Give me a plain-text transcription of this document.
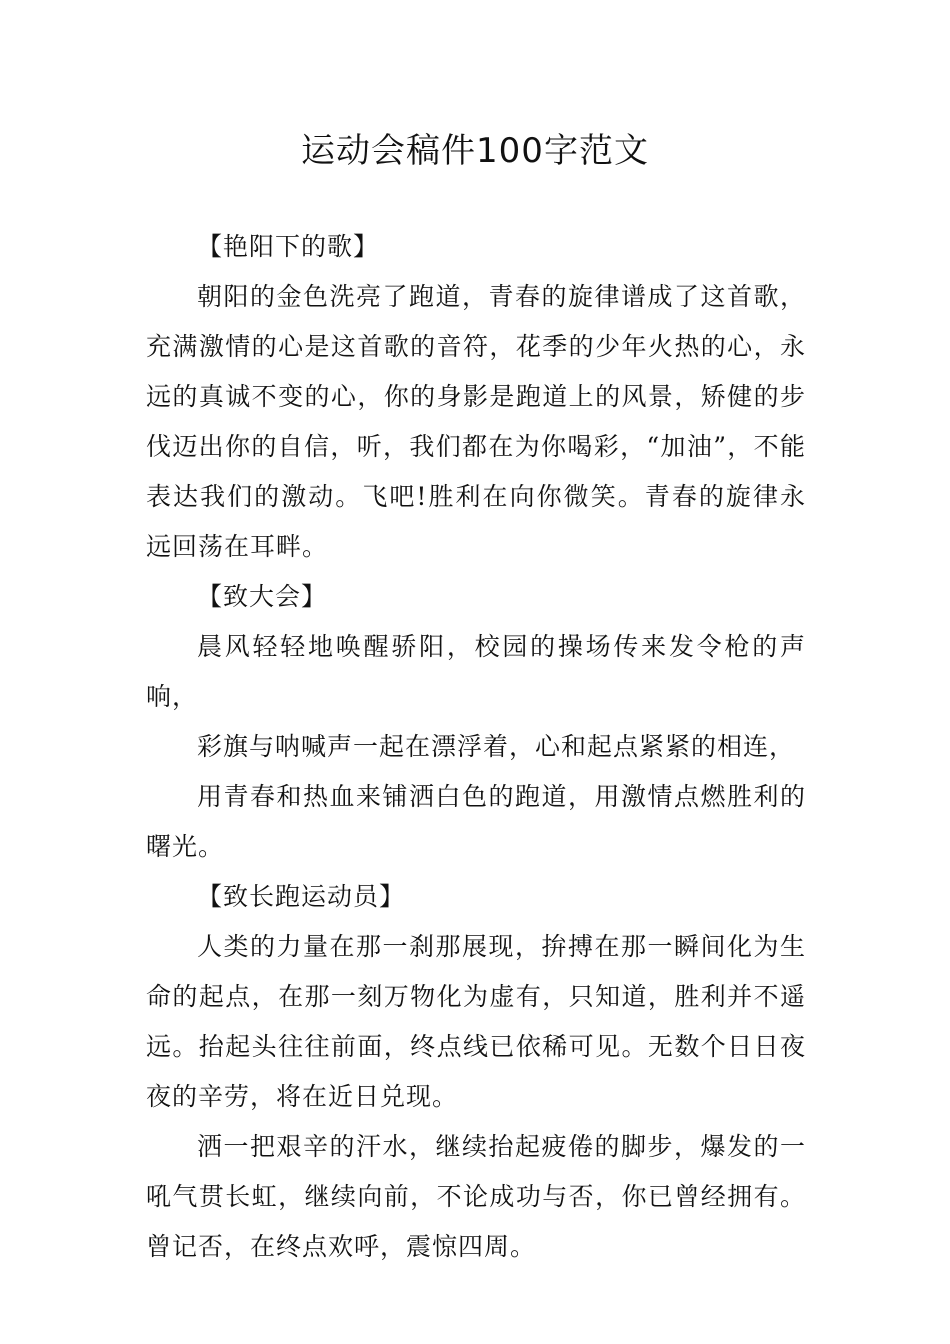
运动会稿件100字范文

【艳阳下的歌】

朝阳的金色洗亮了跑道，青春的旋律谱成了这首歌，充满激情的心是这首歌的音符，花季的少年火热的心，永远的真诚不变的心，你的身影是跑道上的风景，矫健的步伐迈出你的自信，听，我们都在为你喝彩，“加油”，不能表达我们的激动。飞吧!胜利在向你微笑。青春的旋律永远回荡在耳畔。

【致大会】

晨风轻轻地唤醒骄阳，校园的操场传来发令枪的声响，

彩旗与呐喊声一起在漂浮着，心和起点紧紧的相连，

用青春和热血来铺洒白色的跑道，用激情点燃胜利的曙光。

【致长跑运动员】

人类的力量在那一刹那展现，拚搏在那一瞬间化为生命的起点，在那一刻万物化为虚有，只知道，胜利并不遥远。抬起头往往前面，终点线已依稀可见。无数个日日夜夜的辛劳，将在近日兑现。

洒一把艰辛的汗水，继续抬起疲倦的脚步，爆发的一吼气贯长虹，继续向前，不论成功与否，你已曾经拥有。曾记否，在终点欢呼，震惊四周。
